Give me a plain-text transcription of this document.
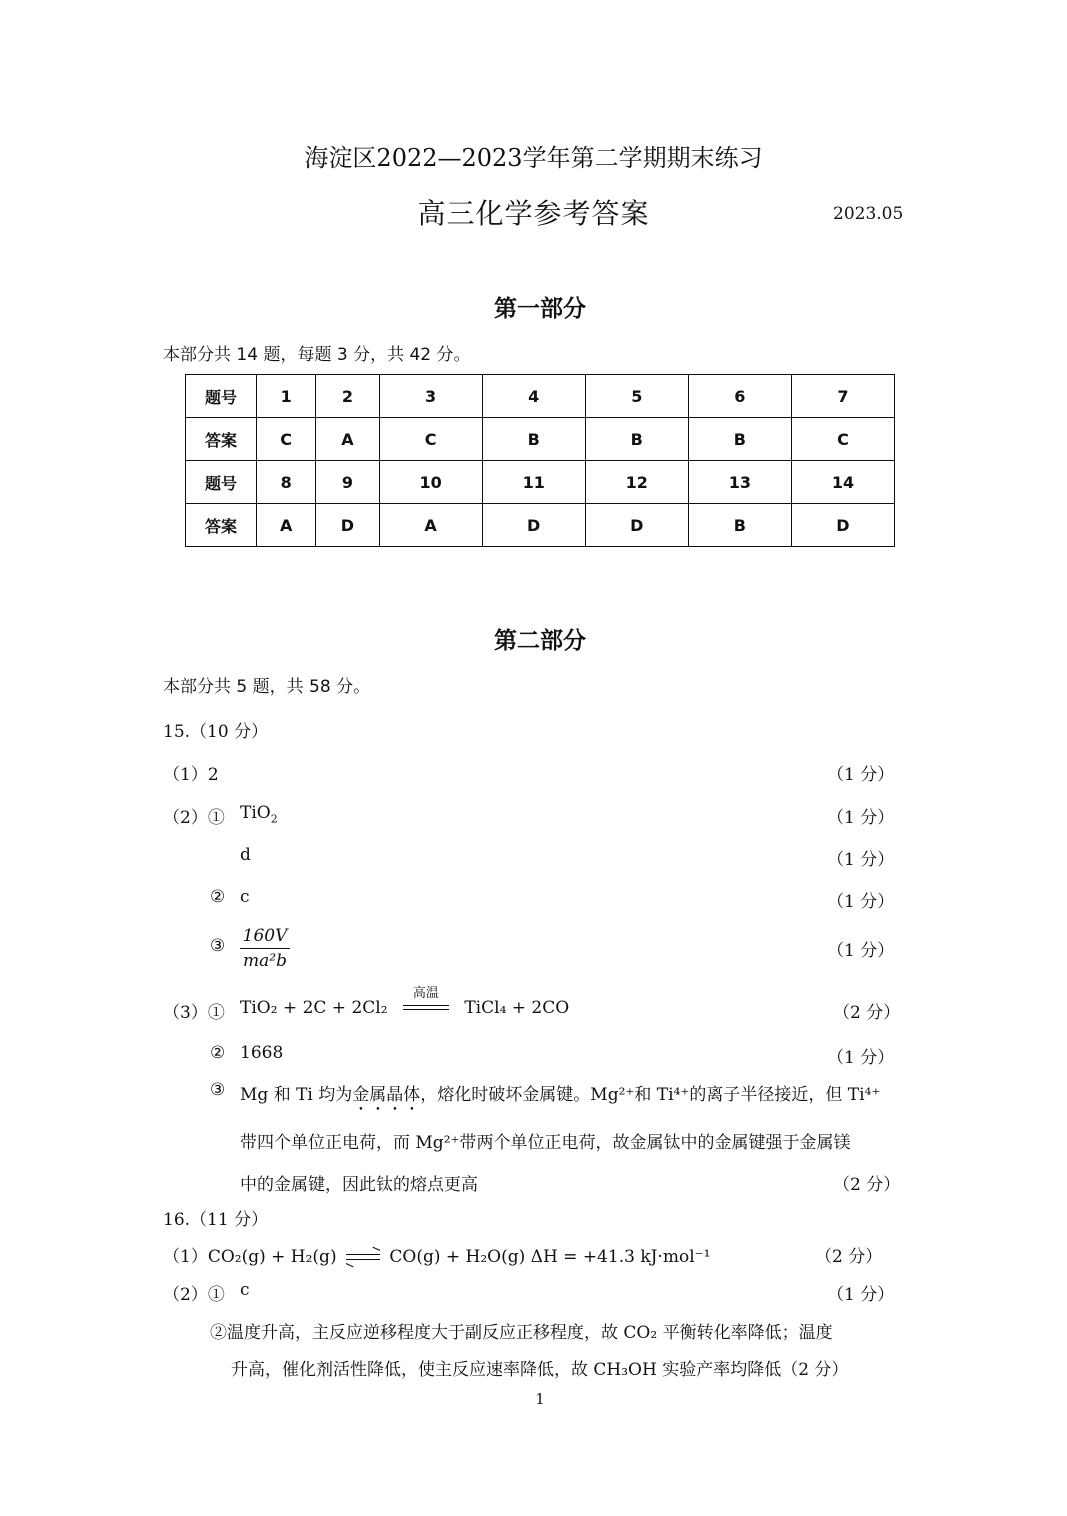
海淀区2022—2023学年第二学期期末练习
高三化学参考答案	2023.05
第一部分
本部分共 14 题，每题 3 分，共 42 分。
题号	1	2	3	4	5	6	7
答案	C	A	C	B	B	B	C
题号	8	9	10	11	12	13	14
答案	A	D	A	D	D	B	D
第二部分
本部分共 5 题，共 58 分。
15.（10 分）
（1）2	（1 分）
（2）① TiO$_2$	（1 分）
d	（1 分）
② c	（1 分）
③ $\frac{160V}{\text{ma²b}}$	（1 分）
（3）① TiO₂ + 2C + 2Cl₂
高温
TiCl₄ + 2CO	（2 分）
② 1668	（1 分）
③ Mg 和 Ti 均为金属晶体，熔化时破坏金属键。Mg²⁺和 Ti⁴⁺的离子半径接近，但 Ti⁴⁺
带四个单位正电荷，而 Mg²⁺带两个单位正电荷，故金属钛中的金属键强于金属镁
中的金属键，因此钛的熔点更高	（2 分）
16.（11 分）
（1）CO₂(g) + H₂(g) ⇌ CO(g) + H₂O(g) ΔH = +41.3 kJ·mol⁻¹	（2 分）
（2）① c	（1 分）
②温度升高，主反应逆移程度大于副反应正移程度，故 CO₂ 平衡转化率降低；温度
升高，催化剂活性降低，使主反应速率降低，故 CH₃OH 实验产率均降低（2 分）
1
